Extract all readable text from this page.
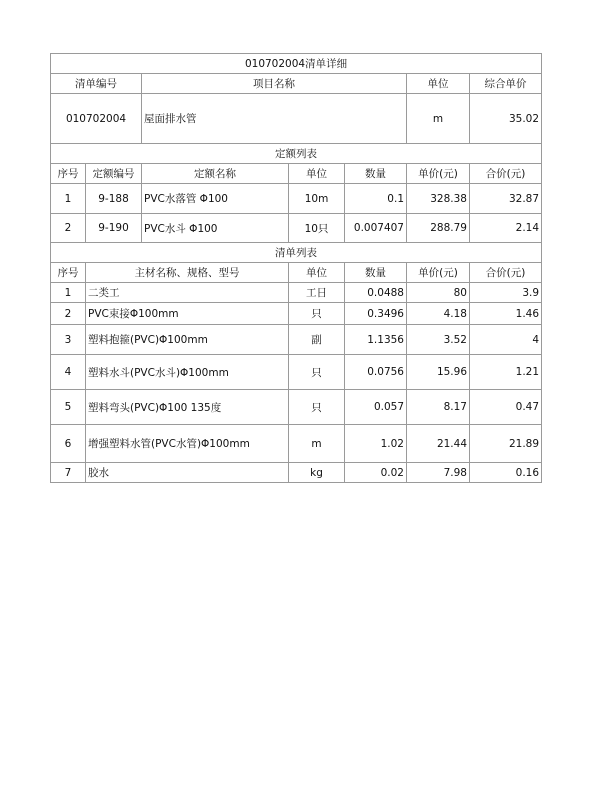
010702004清单详细						
清单编号		项目名称			单位	综合单价
010702004		屋面排水管			m	35.02
定额列表						
序号	定额编号	定额名称	单位	数量	单价(元)	合价(元)
1	9-188	PVC水落管 Φ100	10m	0.1	328.38	32.87
2	9-190	PVC水斗 Φ100	10只	0.007407	288.79	2.14
清单列表						
序号	主材名称、规格、型号		单位	数量	单价(元)	合价(元)
1	二类工		工日	0.0488	80	3.9
2	PVC束接Φ100mm		只	0.3496	4.18	1.46
3	塑料抱箍(PVC)Φ100mm		副	1.1356	3.52	4
4	塑料水斗(PVC水斗)Φ100mm		只	0.0756	15.96	1.21
5	塑料弯头(PVC)Φ100 135度		只	0.057	8.17	0.47
6	增强塑料水管(PVC水管)Φ100mm		m	1.02	21.44	21.89
7	胶水		kg	0.02	7.98	0.16
